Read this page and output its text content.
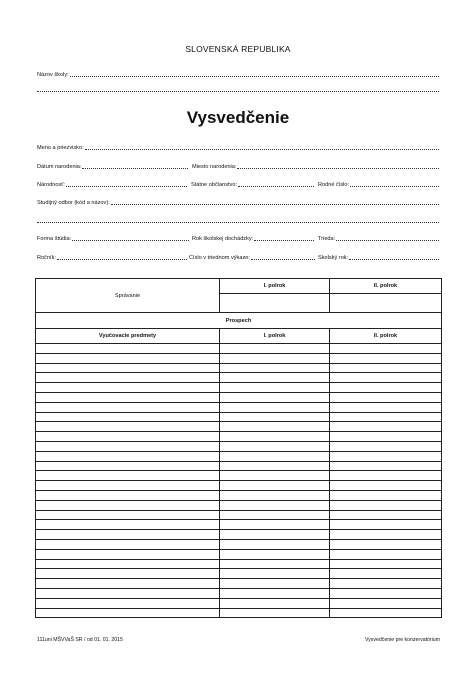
SLOVENSKÁ REPUBLIKA
Názov školy:
Vysvedčenie
Meno a priezvisko:
Dátum narodenia:	Miesto narodenia:
Národnosť:	Štátne občianstvo:	Rodné číslo:
Študijný odbor (kód a názov):
Forma štúdia:	Rok školskej dochádzky:	Trieda:
Ročník:	Číslo v triednom výkaze:	Školský rok:
Správanie	I. polrok	II. polrok

Prospech		
Vyučovacie predmety	I. polrok	II. polrok

111uni MŠVVaŠ SR / od 01. 01. 2015	Vysvedčenie pre konzervatórium
